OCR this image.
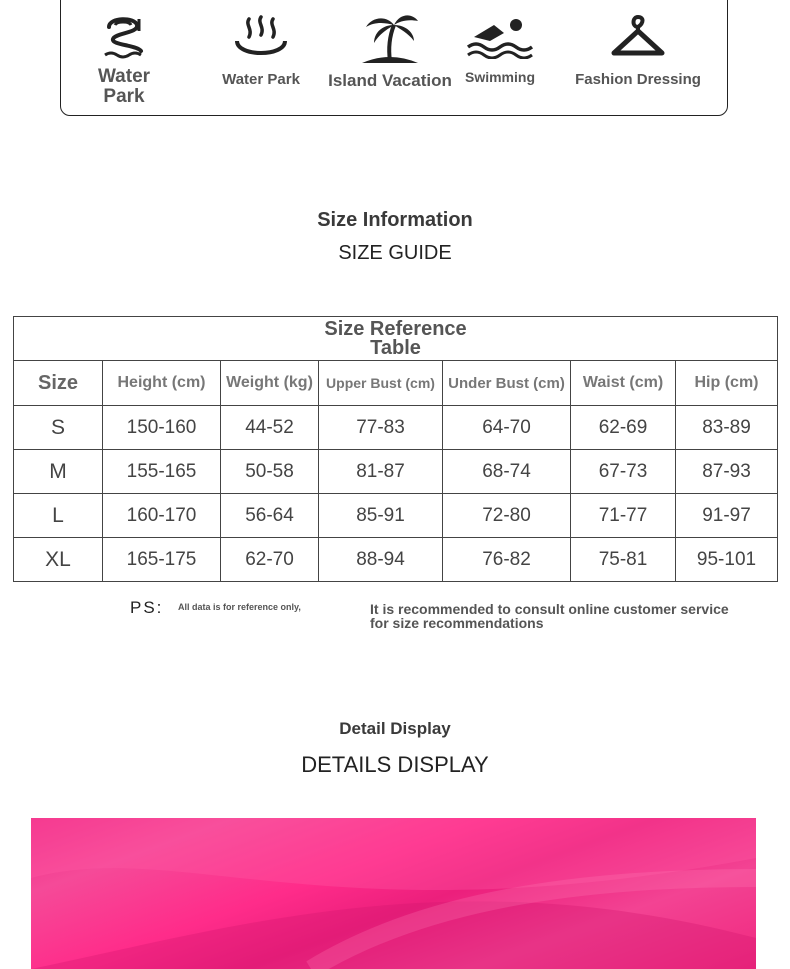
Water
Park
Water Park	Island Vacation Swimming	Fashion Dressing
Size Information
SIZE GUIDE
Size Reference
Table						
Size	Height (cm)	Weight (kg)	Upper Bust (cm)	Under Bust (cm)	Waist (cm)	Hip (cm)
S	150-160	44-52	77-83	64-70	62-69	83-89
M	155-165	50-58	81-87	68-74	67-73	87-93
L	160-170	56-64	85-91	72-80	71-77	91-97
XL	165-175	62-70	88-94	76-82	75-81	95-101
PS: All data is for reference only,	It is recommended to consult online customer service for size recommendations
Detail Display
DETAILS DISPLAY
